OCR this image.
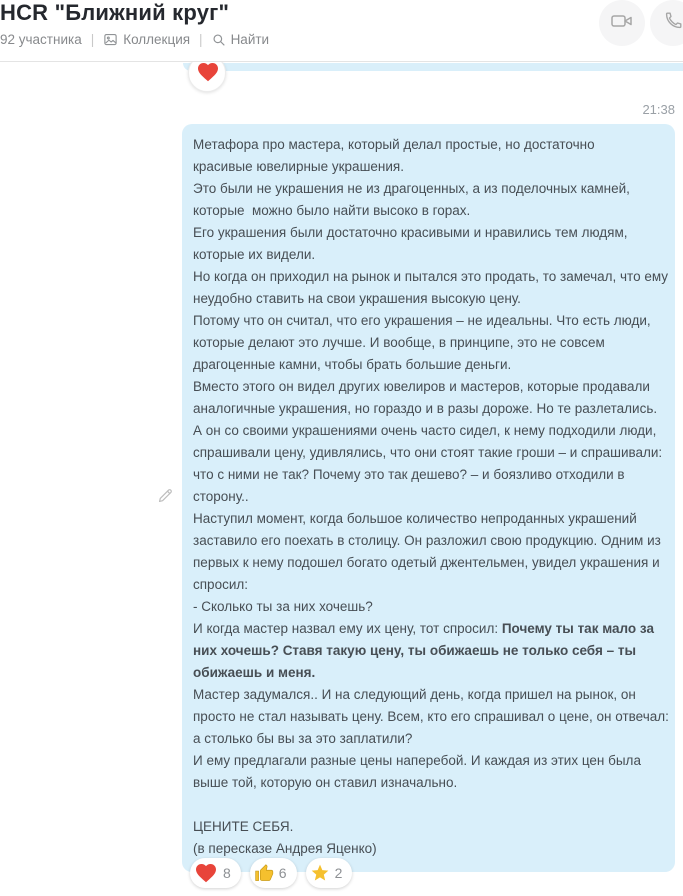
HCR "Ближний круг"
92 участника | Коллекция | Найти
21:38
Метафора про мастера, который делал простые, но достаточно
красивые ювелирные украшения.
Это были не украшения не из драгоценных, а из поделочных камней,
которые  можно было найти высоко в горах.
Его украшения были достаточно красивыми и нравились тем людям,
которые их видели.
Но когда он приходил на рынок и пытался это продать, то замечал, что ему
неудобно ставить на свои украшения высокую цену.
Потому что он считал, что его украшения – не идеальны. Что есть люди,
которые делают это лучше. И вообще, в принципе, это не совсем
драгоценные камни, чтобы брать большие деньги.
Вместо этого он видел других ювелиров и мастеров, которые продавали
аналогичные украшения, но гораздо и в разы дороже. Но те разлетались.
А он со своими украшениями очень часто сидел, к нему подходили люди,
спрашивали цену, удивлялись, что они стоят такие гроши – и спрашивали:
что с ними не так? Почему это так дешево? – и боязливо отходили в
сторону..
Наступил момент, когда большое количество непроданных украшений
заставило его поехать в столицу. Он разложил свою продукцию. Одним из
первых к нему подошел богато одетый джентельмен, увидел украшения и
спросил:
- Сколько ты за них хочешь?
И когда мастер назвал ему их цену, тот спросил: Почему ты так мало за
них хочешь? Ставя такую цену, ты обижаешь не только себя – ты
обижаешь и меня.
Мастер задумался.. И на следующий день, когда пришел на рынок, он
просто не стал называть цену. Всем, кто его спрашивал о цене, он отвечал:
а столько бы вы за это заплатили?
И ему предлагали разные цены наперебой. И каждая из этих цен была
выше той, которую он ставил изначально.

ЦЕНИТЕ СЕБЯ.
(в пересказе Андрея Яценко)
8	6	2
